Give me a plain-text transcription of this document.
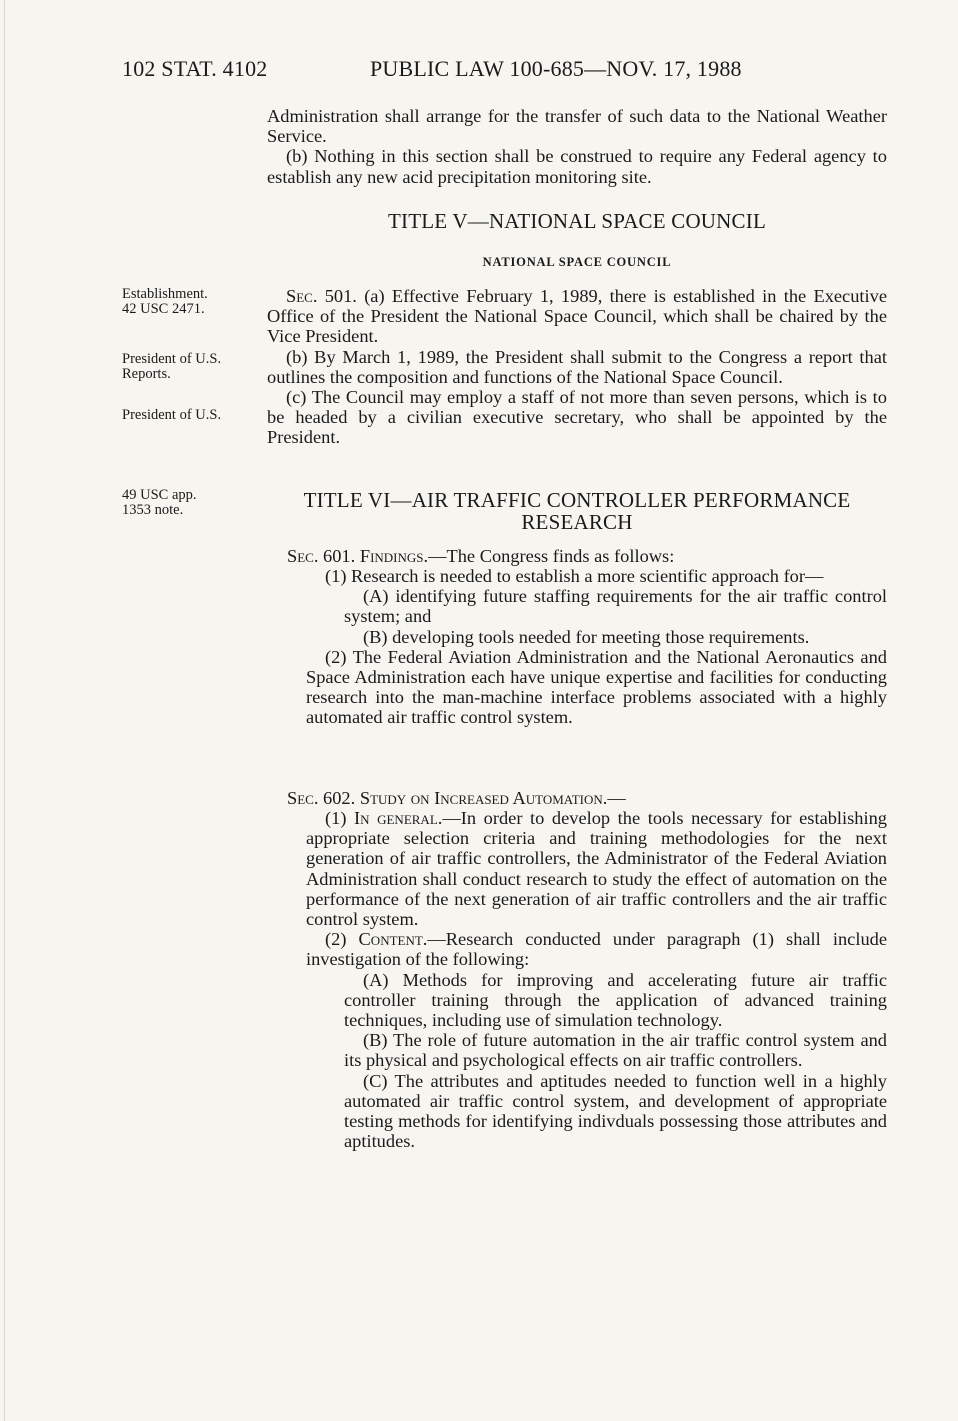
102 STAT. 4102	PUBLIC LAW 100-685—NOV. 17, 1988
Establishment.
42 USC 2471.
President of U.S.
Reports.
President of U.S.
49 USC app.
1353 note.

Administration shall arrange for the transfer of such data to the National Weather Service.

(b) Nothing in this section shall be construed to require any Federal agency to establish any new acid precipitation monitoring site.

TITLE V—NATIONAL SPACE COUNCIL
NATIONAL SPACE COUNCIL

Sec. 501. (a) Effective February 1, 1989, there is established in the Executive Office of the President the National Space Council, which shall be chaired by the Vice President.

(b) By March 1, 1989, the President shall submit to the Congress a report that outlines the composition and functions of the National Space Council.

(c) The Council may employ a staff of not more than seven persons, which is to be headed by a civilian executive secretary, who shall be appointed by the President.

TITLE VI—AIR TRAFFIC CONTROLLER PERFORMANCE
RESEARCH

Sec. 601. Findings.—The Congress finds as follows:

(1) Research is needed to establish a more scientific approach for—

(A) identifying future staffing requirements for the air traffic control system; and

(B) developing tools needed for meeting those requirements.

(2) The Federal Aviation Administration and the National Aeronautics and Space Administration each have unique expertise and facilities for conducting research into the man-machine interface problems associated with a highly automated air traffic control system.

Sec. 602. Study on Increased Automation.—

(1) In general.—In order to develop the tools necessary for establishing appropriate selection criteria and training methodologies for the next generation of air traffic controllers, the Administrator of the Federal Aviation Administration shall conduct research to study the effect of automation on the performance of the next generation of air traffic controllers and the air traffic control system.

(2) Content.—Research conducted under paragraph (1) shall include investigation of the following:

(A) Methods for improving and accelerating future air traffic controller training through the application of advanced training techniques, including use of simulation technology.

(B) The role of future automation in the air traffic control system and its physical and psychological effects on air traffic controllers.

(C) The attributes and aptitudes needed to function well in a highly automated air traffic control system, and development of appropriate testing methods for identifying indivduals possessing those attributes and aptitudes.
